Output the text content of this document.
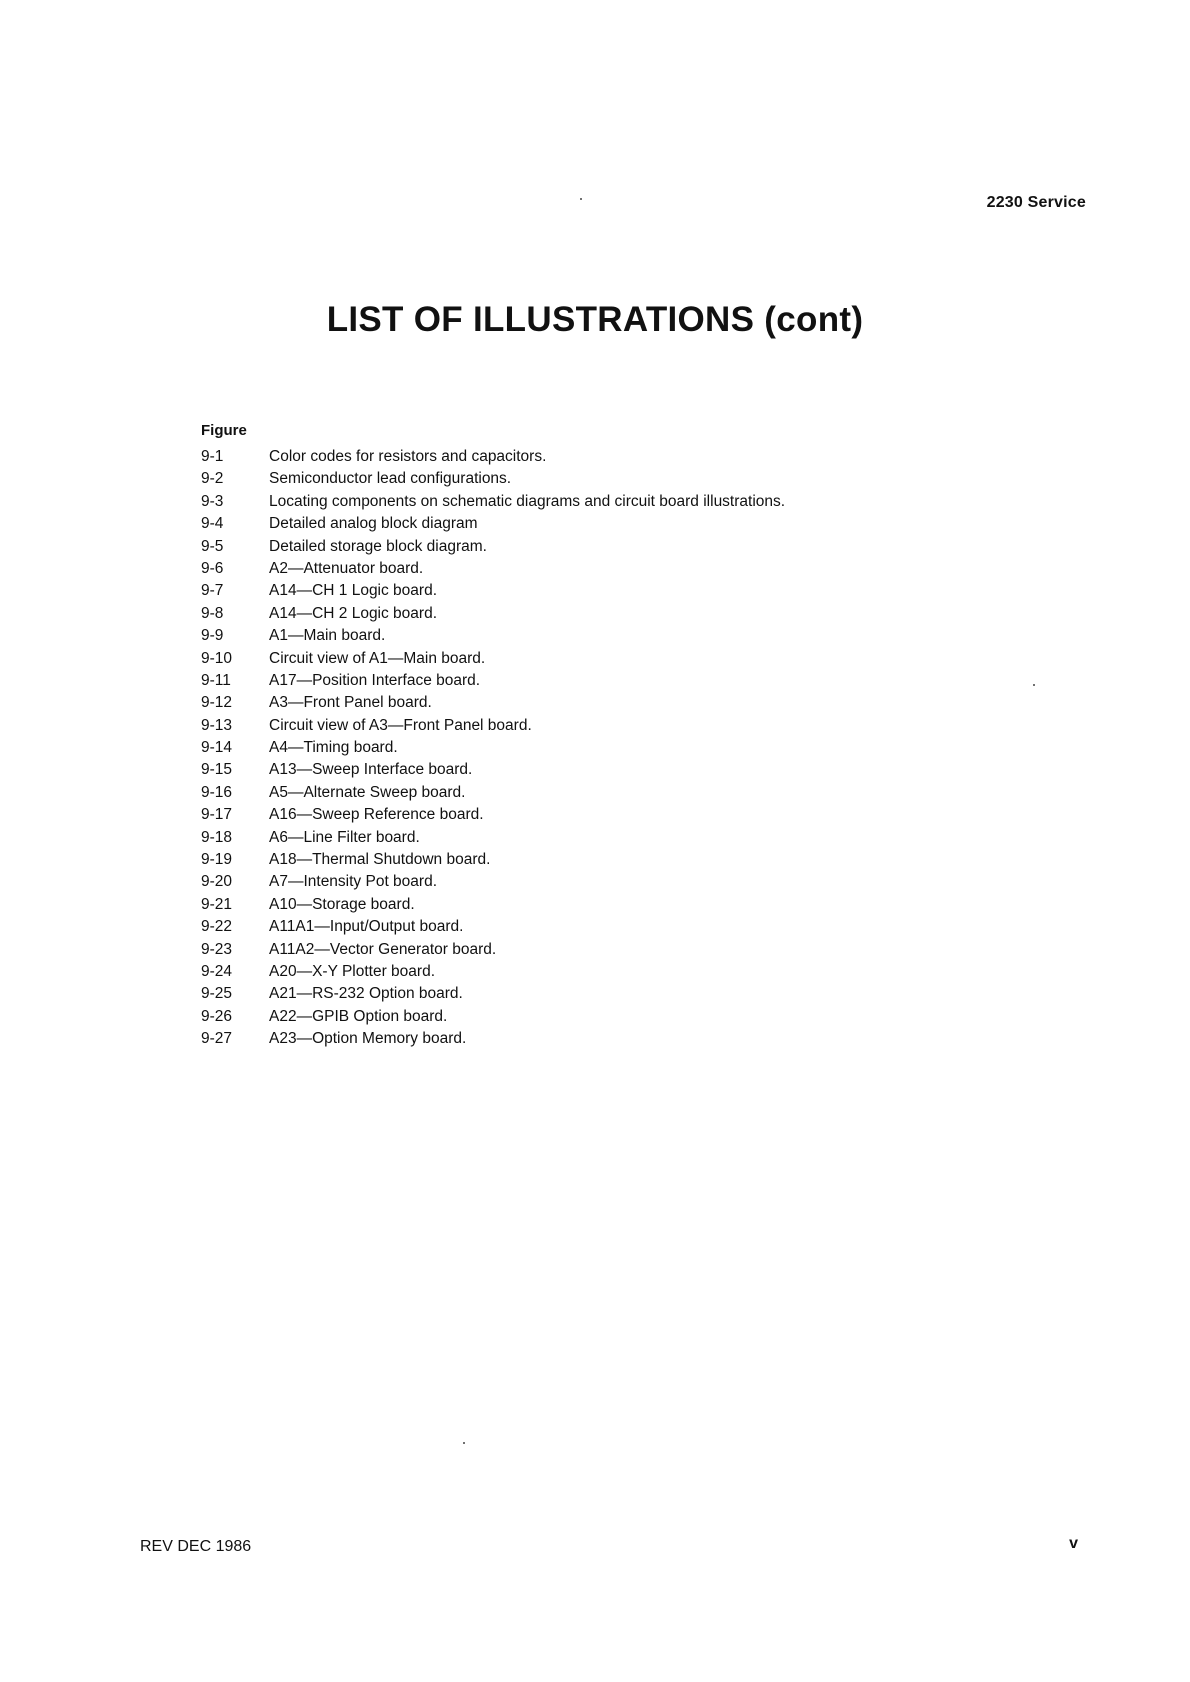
2230 Service
LIST OF ILLUSTRATIONS (cont)
Figure
9-1	Color codes for resistors and capacitors.
9-2	Semiconductor lead configurations.
9-3	Locating components on schematic diagrams and circuit board illustrations.
9-4	Detailed analog block diagram
9-5	Detailed storage block diagram.
9-6	A2—Attenuator board.
9-7	A14—CH 1 Logic board.
9-8	A14—CH 2 Logic board.
9-9	A1—Main board.
9-10	Circuit view of A1—Main board.
9-11	A17—Position Interface board.
9-12	A3—Front Panel board.
9-13	Circuit view of A3—Front Panel board.
9-14	A4—Timing board.
9-15	A13—Sweep Interface board.
9-16	A5—Alternate Sweep board.
9-17	A16—Sweep Reference board.
9-18	A6—Line Filter board.
9-19	A18—Thermal Shutdown board.
9-20	A7—Intensity Pot board.
9-21	A10—Storage board.
9-22	A11A1—Input/Output board.
9-23	A11A2—Vector Generator board.
9-24	A20—X-Y Plotter board.
9-25	A21—RS-232 Option board.
9-26	A22—GPIB Option board.
9-27	A23—Option Memory board.
REV DEC 1986	v
